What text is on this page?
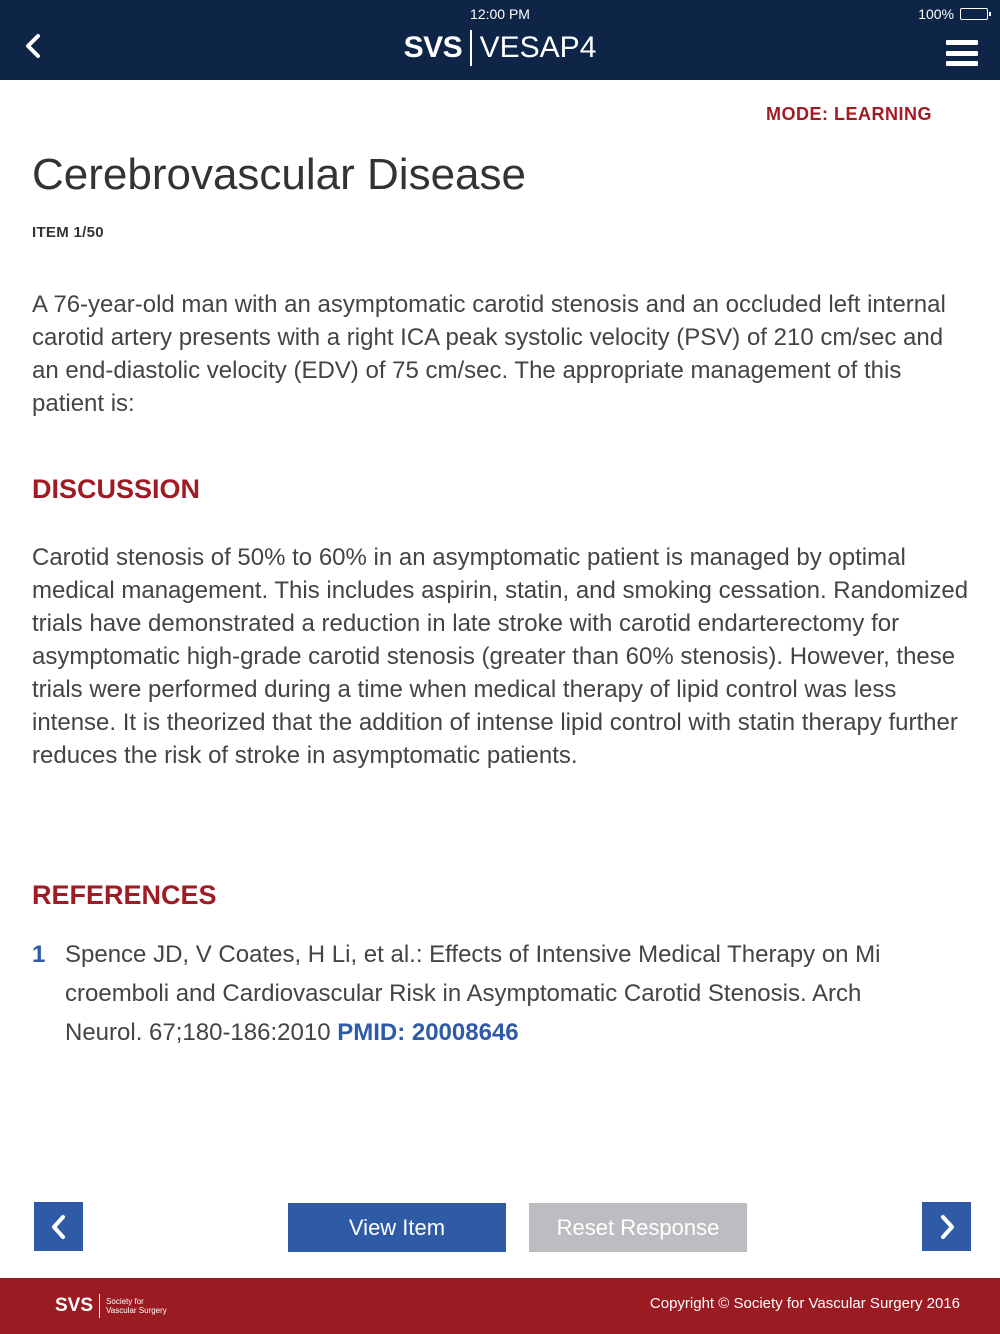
12:00 PM	100%
SVS VESAP4
MODE: LEARNING
Cerebrovascular Disease
ITEM 1/50

A 76-year-old man with an asymptomatic carotid stenosis and an occluded left internal carotid artery presents with a right ICA peak systolic velocity (PSV) of 210 cm/sec and an end-diastolic velocity (EDV) of 75 cm/sec. The appropriate management of this patient is:

DISCUSSION

Carotid stenosis of 50% to 60% in an asymptomatic patient is managed by optimal medical management. This includes aspirin, statin, and smoking cessation. Randomized trials have demonstrated a reduction in late stroke with carotid endarterectomy for asymptomatic high-grade carotid stenosis (greater than 60% stenosis). However, these trials were performed during a time when medical therapy of lipid control was less intense. It is theorized that the addition of intense lipid control with statin therapy further reduces the risk of stroke in asymptomatic patients.

REFERENCES
1 Spence JD, V Coates, H Li, et al.: Effects of Intensive Medical Therapy on Mi croemboli and Cardiovascular Risk in Asymptomatic Carotid Stenosis. Arch Neurol. 67;180-186:2010 PMID: 20008646
View Item	Reset Response
SVS Society for
Vascular Surgery	Copyright © Society for Vascular Surgery 2016
